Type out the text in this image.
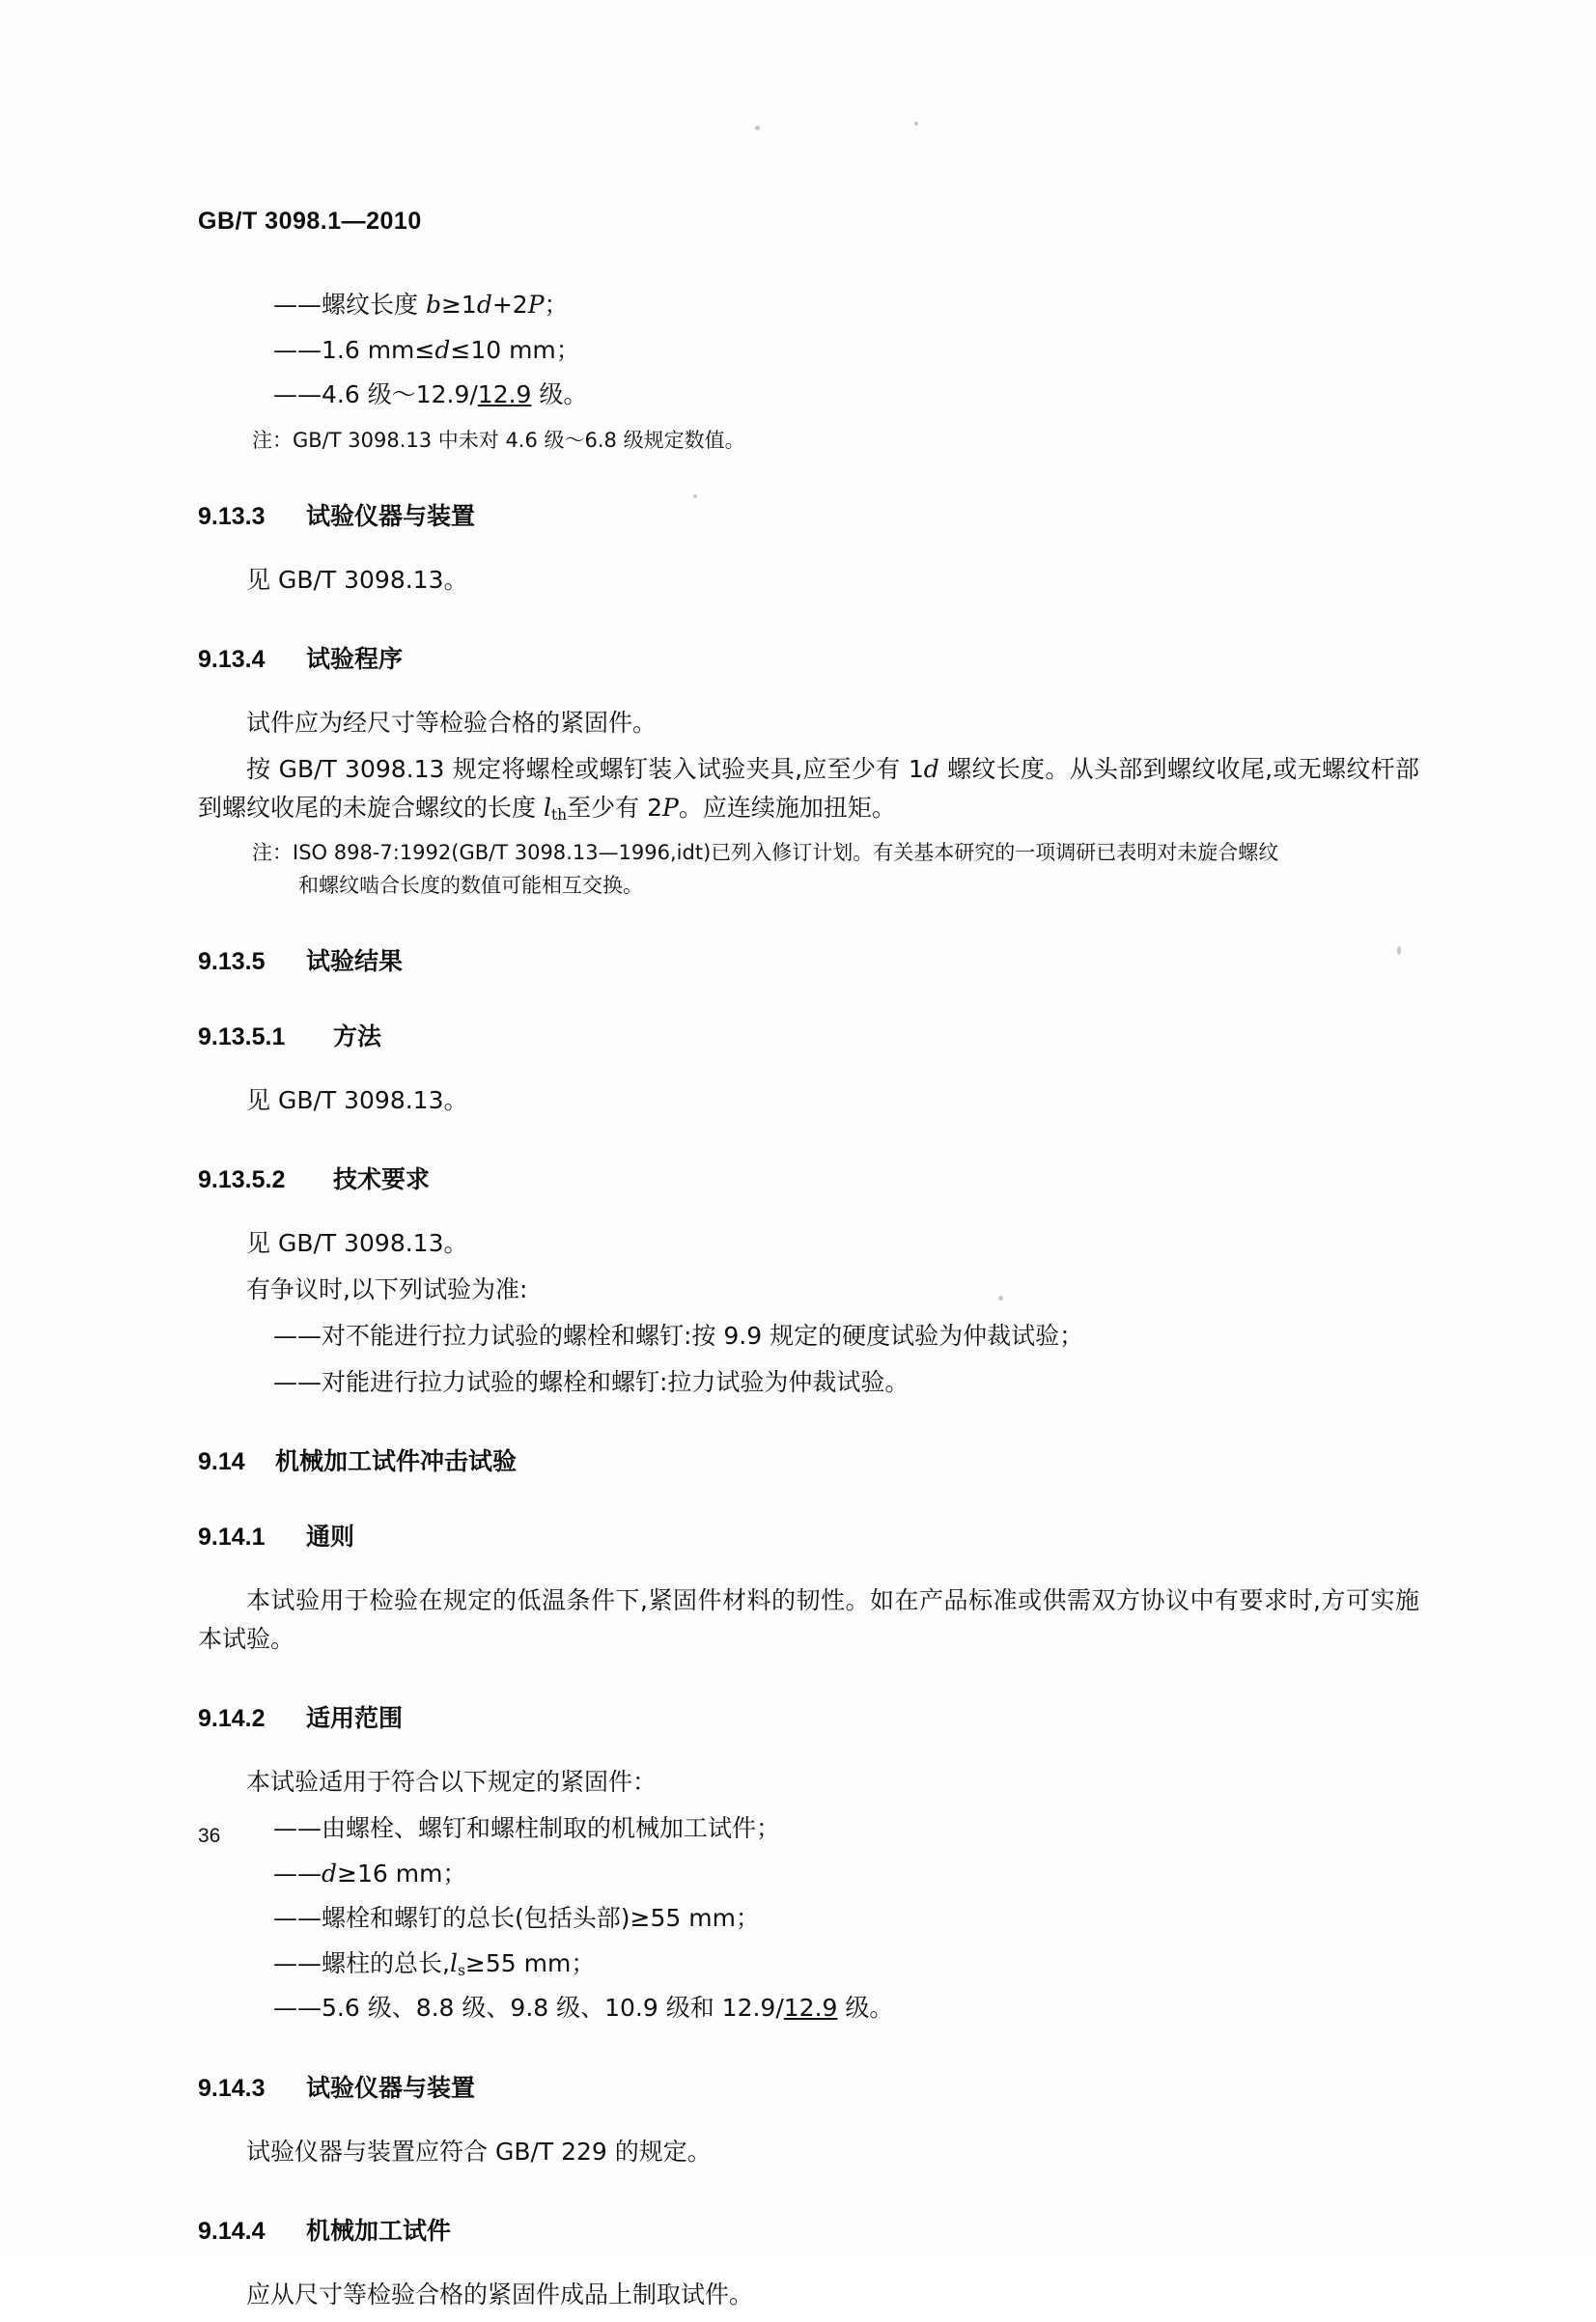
GB/T 3098.1—2010
——螺纹长度 b≥1d+2P；
——1.6 mm≤d≤10 mm；
——4.6 级～12.9/12.9 级。

注：GB/T 3098.13 中未对 4.6 级～6.8 级规定数值。

9.13.3 试验仪器与装置

见 GB/T 3098.13。

9.13.4 试验程序

试件应为经尺寸等检验合格的紧固件。

按 GB/T 3098.13 规定将螺栓或螺钉装入试验夹具,应至少有 1d 螺纹长度。从头部到螺纹收尾,或无螺纹杆部到螺纹收尾的未旋合螺纹的长度 $l_{th}$至少有 2P。应连续施加扭矩。

注：ISO 898-7:1992(GB/T 3098.13—1996,idt)已列入修订计划。有关基本研究的一项调研已表明对未旋合螺纹

和螺纹啮合长度的数值可能相互交换。

9.13.5 试验结果
9.13.5.1 方法

见 GB/T 3098.13。

9.13.5.2 技术要求

见 GB/T 3098.13。

有争议时,以下列试验为准:

——对不能进行拉力试验的螺栓和螺钉:按 9.9 规定的硬度试验为仲裁试验；

——对能进行拉力试验的螺栓和螺钉:拉力试验为仲裁试验。

9.14 机械加工试件冲击试验
9.14.1 通则

本试验用于检验在规定的低温条件下,紧固件材料的韧性。如在产品标准或供需双方协议中有要求时,方可实施本试验。

9.14.2 适用范围

本试验适用于符合以下规定的紧固件：

——由螺栓、螺钉和螺柱制取的机械加工试件；
——d≥16 mm；
——螺栓和螺钉的总长(包括头部)≥55 mm；
——螺柱的总长$,l_s\ge 55$ mm；
——5.6 级、8.8 级、9.8 级、10.9 级和 12.9/12.9 级。
9.14.3 试验仪器与装置

试验仪器与装置应符合 GB/T 229 的规定。

9.14.4 机械加工试件

应从尺寸等检验合格的紧固件成品上制取试件。

36
